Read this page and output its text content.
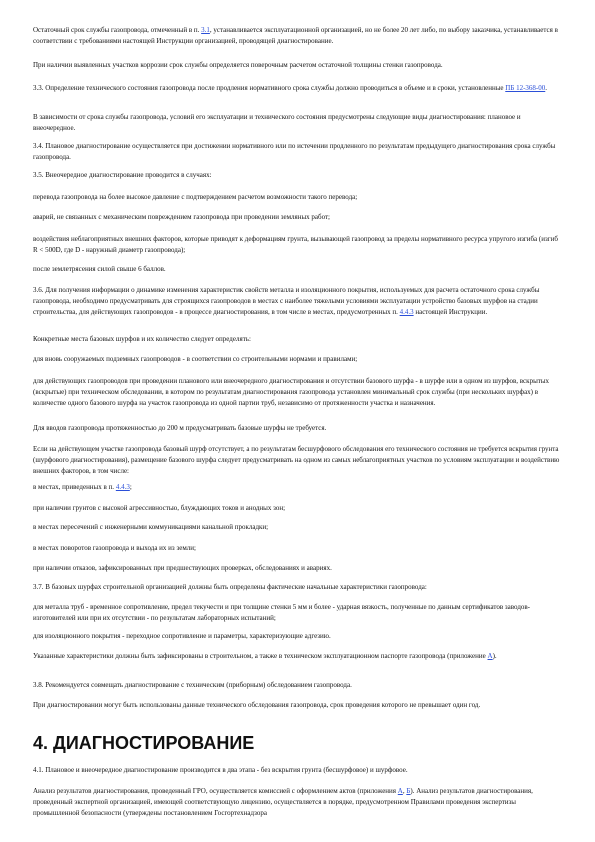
Остаточный срок службы газопровода, отмеченный в п. 3.1, устанавливается эксплуатационной организацией, но не более 20 лет либо, по выбору заказчика, устанавливается в соответствии с требованиями настоящей Инструкции организацией, проводящей диагностирование.

При наличии выявленных участков коррозии срок службы определяется поверочным расчетом остаточной толщины стенки газопровода.

3.3. Определение технического состояния газопровода после продления нормативного срока службы должно проводиться в объеме и в сроки, установленные ПБ 12-368-00.

В зависимости от срока службы газопровода, условий его эксплуатации и технического состояния предусмотрены следующие виды диагностирования: плановое и внеочередное.

3.4. Плановое диагностирование осуществляется при достижении нормативного или по истечении продленного по результатам предыдущего диагностирования срока службы газопровода.

3.5. Внеочередное диагностирование проводится в случаях:

перевода газопровода на более высокое давление с подтверждением расчетом возможности такого перевода;

аварий, не связанных с механическим повреждением газопровода при проведении земляных работ;

воздействия неблагоприятных внешних факторов, которые приводят к деформациям грунта, вызывающей газопровод за пределы нормативного ресурса упругого изгиба (изгиб R < 500D, где D - наружный диаметр газопровода);

после землетрясения силой свыше 6 баллов.

3.6. Для получения информации о динамике изменения характеристик свойств металла и изоляционного покрытия, используемых для расчета остаточного срока службы газопровода, необходимо предусматривать для строящихся газопроводов в местах с наиболее тяжелыми условиями эксплуатации устройство базовых шурфов на стадии строительства, для действующих газопроводов - в процессе диагностирования, в том числе в местах, предусмотренных п. 4.4.3 настоящей Инструкции.

Конкретные места базовых шурфов и их количество следует определять:

для вновь сооружаемых подземных газопроводов - в соответствии со строительными нормами и правилами;

для действующих газопроводов при проведении планового или внеочередного диагностирования и отсутствии базового шурфа - в шурфе или в одном из шурфов, вскрытых (вскрытые) при техническом обследовании, в котором по результатам диагностирования газопровода установлен минимальный срок службы (при нескольких шурфах) в количестве одного базового шурфа на участок газопровода из одной партии труб, независимо от протяженности участка и назначения.

Для вводов газопровода протяженностью до 200 м предусматривать базовые шурфы не требуется.

Если на действующем участке газопровода базовый шурф отсутствует, а по результатам бесшурфового обследования его технического состояния не требуется вскрытия грунта (шурфового диагностирования), размещение базового шурфа следует предусматривать на одном из самых неблагоприятных участков по условиям эксплуатации и воздействию внешних факторов, в том числе:

в местах, приведенных в п. 4.4.3;

при наличии грунтов с высокой агрессивностью, блуждающих токов и анодных зон;

в местах пересечений с инженерными коммуникациями канальной прокладки;

в местах поворотов газопровода и выхода их из земли;

при наличии отказов, зафиксированных при предшествующих проверках, обследованиях и авариях.

3.7. В базовых шурфах строительной организацией должны быть определены фактические начальные характеристики газопровода:

для металла труб - временное сопротивление, предел текучести и при толщине стенки 5 мм и более - ударная вязкость, полученные по данным сертификатов заводов-изготовителей или при их отсутствии - по результатам лабораторных испытаний;

для изоляционного покрытия - переходное сопротивление и параметры, характеризующие адгезию.

Указанные характеристики должны быть зафиксированы в строительном, а также в техническом эксплуатационном паспорте газопровода (приложение А).

3.8. Рекомендуется совмещать диагностирование с техническим (приборным) обследованием газопровода.

При диагностировании могут быть использованы данные технического обследования газопровода, срок проведения которого не превышает один год.

4. ДИАГНОСТИРОВАНИЕ

4.1. Плановое и внеочередное диагностирование производится в два этапа - без вскрытия грунта (бесшурфовое) и шурфовое.

Анализ результатов диагностирования, проведенный ГРО, осуществляется комиссией с оформлением актов (приложения А, Б). Анализ результатов диагностирования, проведенный экспертной организацией, имеющей соответствующую лицензию, осуществляется в порядке, предусмотренном Правилами проведения экспертизы промышленной безопасности (утверждены постановлением Госгортехнадзора
